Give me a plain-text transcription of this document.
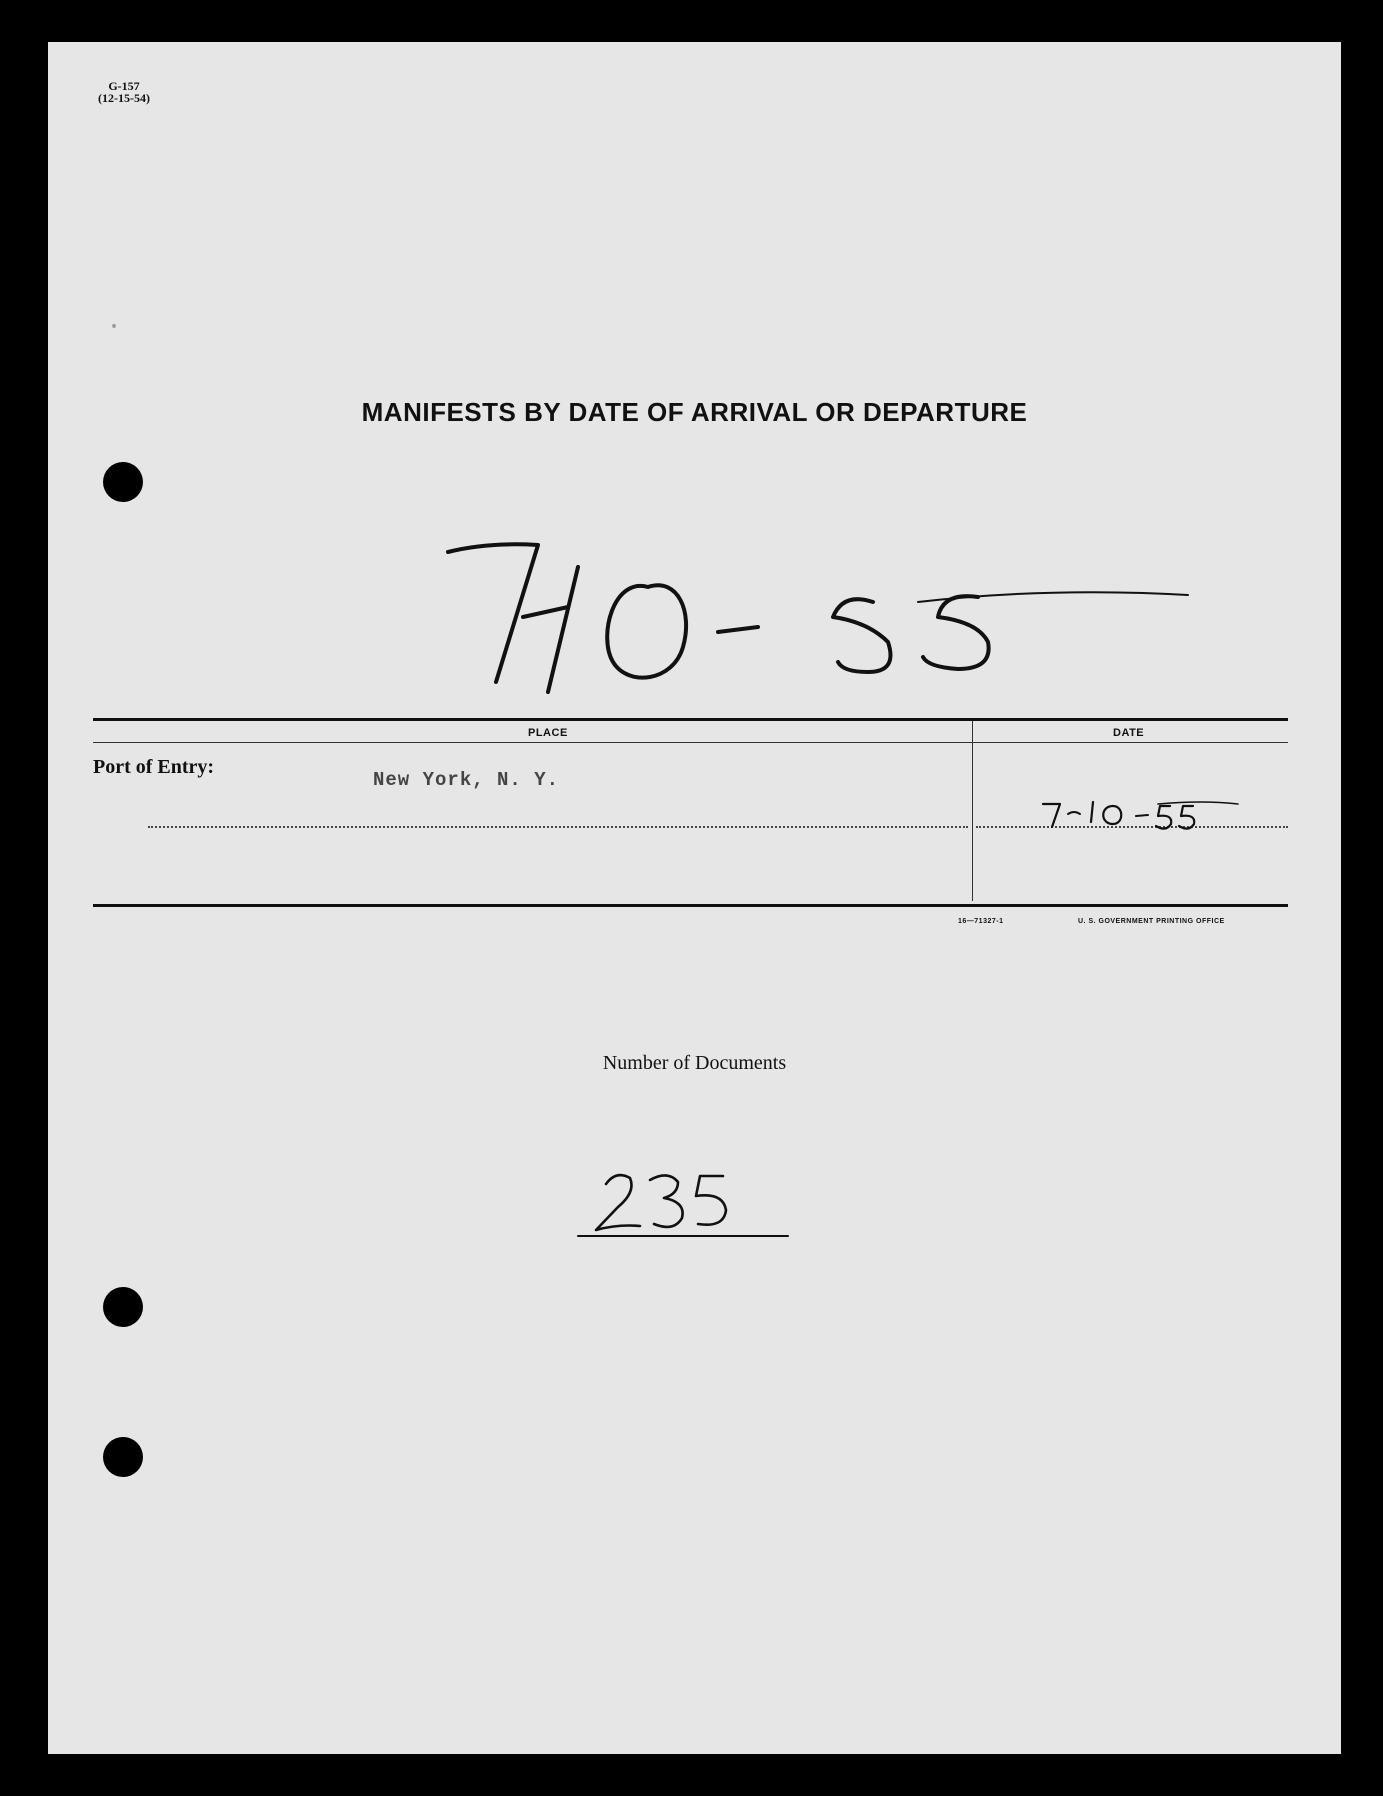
G-157
(12-15-54)
⸳
MANIFESTS BY DATE OF ARRIVAL OR DEPARTURE
PLACE	DATE
Port of Entry:
New York, N. Y.
16—71327-1	U. S. GOVERNMENT PRINTING OFFICE
Number of Documents
